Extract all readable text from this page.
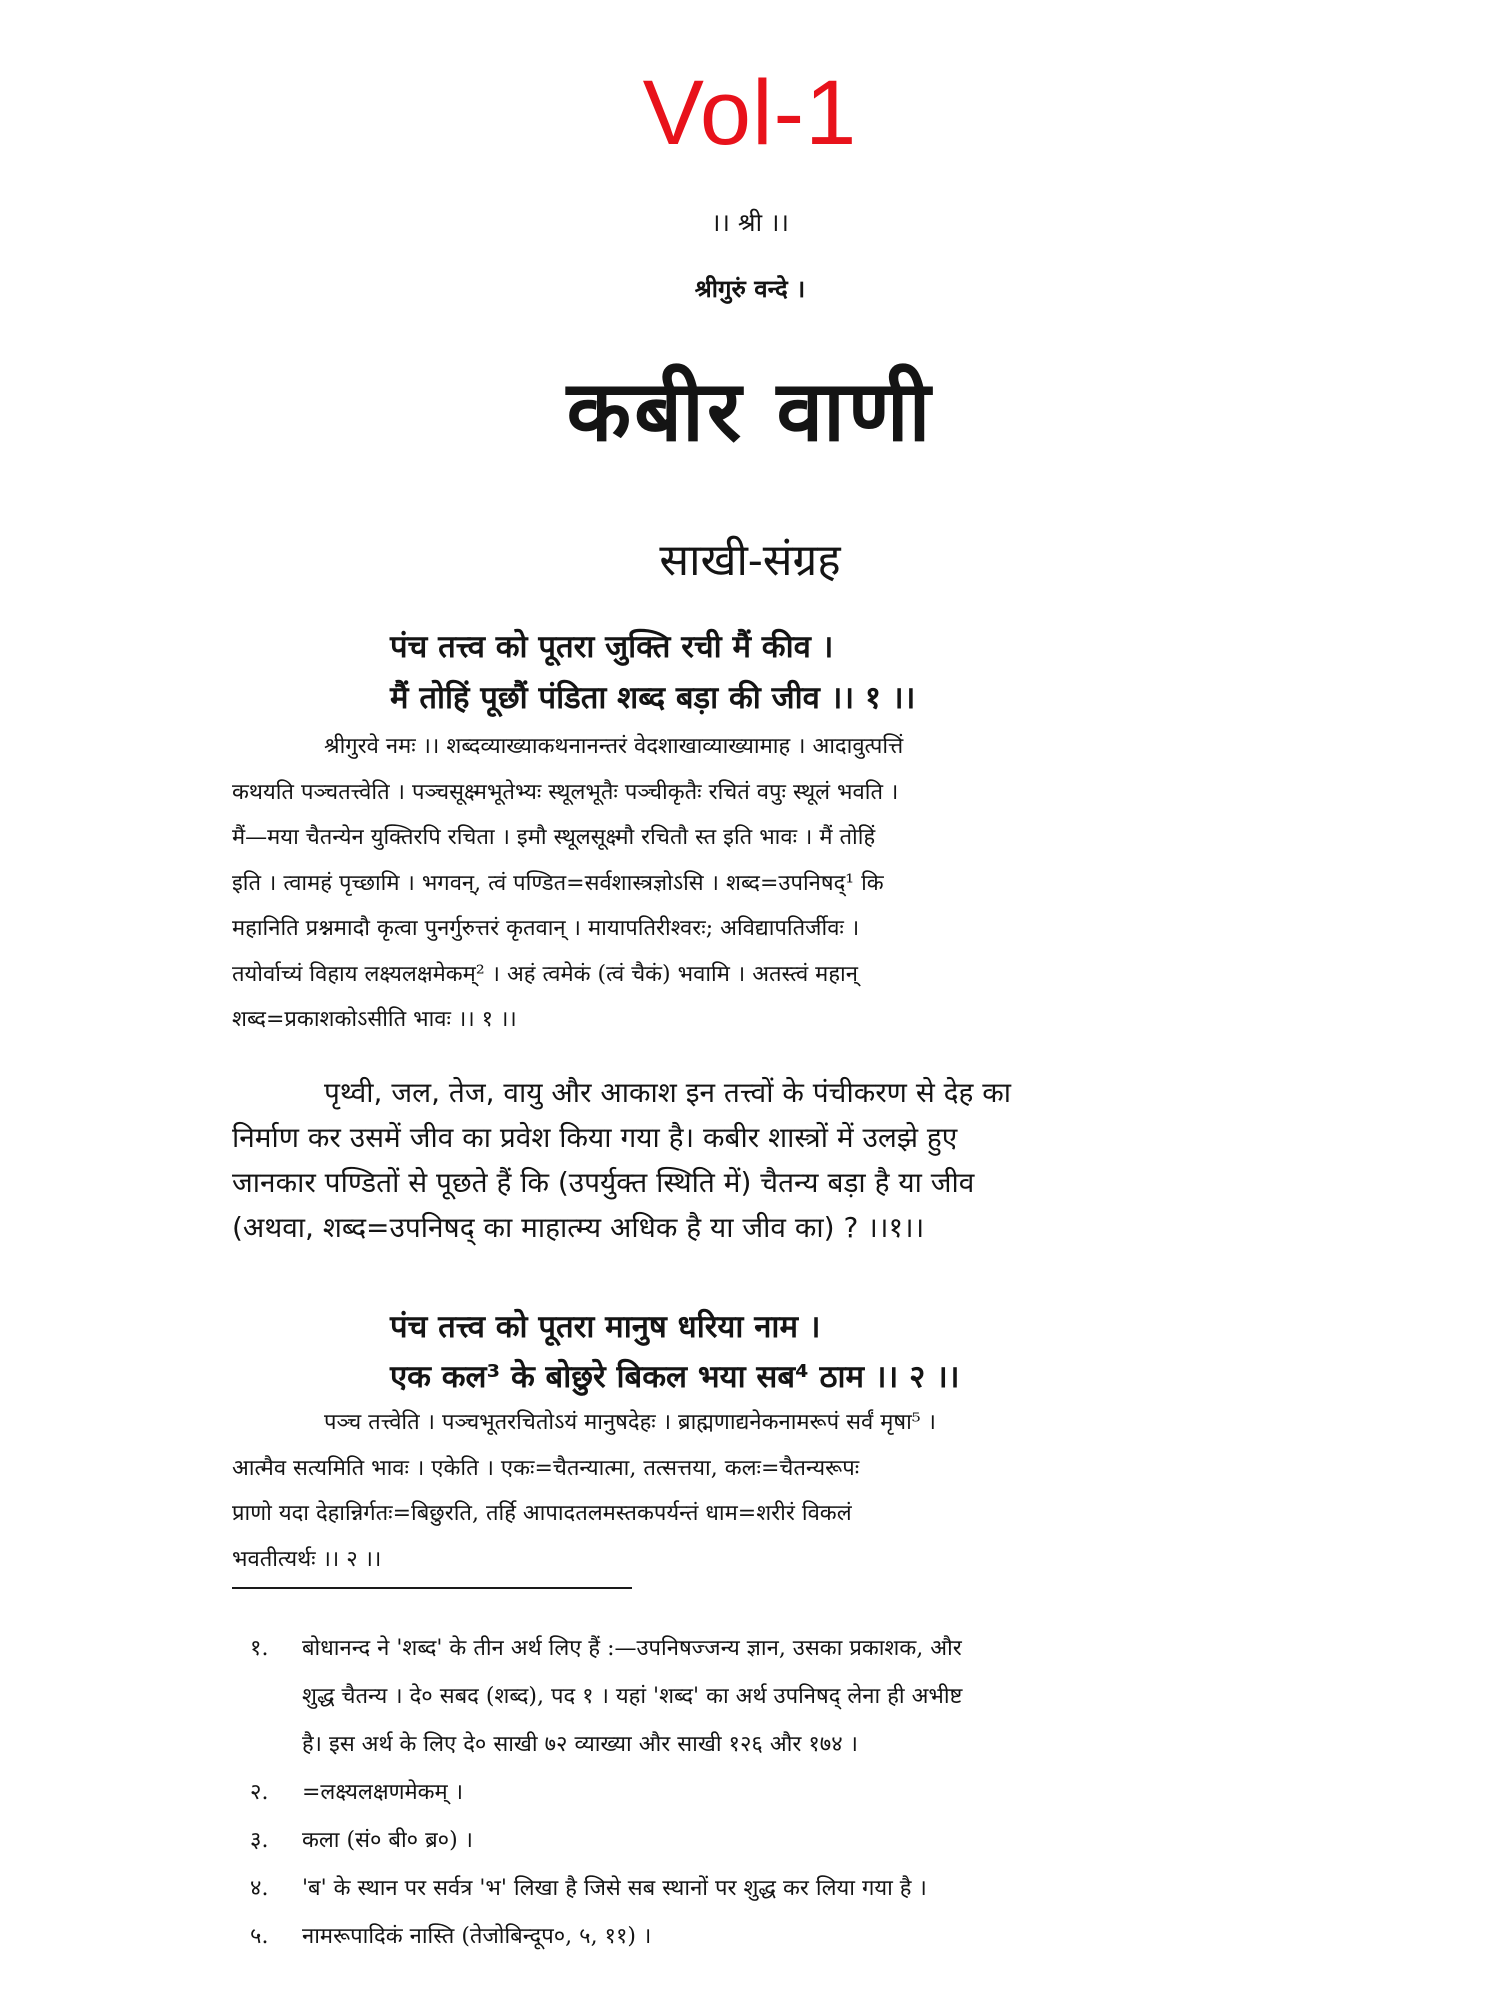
Vol-1
।। श्री ।।
श्रीगुरुं वन्दे ।
कबीर वाणी
साखी-संग्रह
पंच तत्त्व को पूतरा जुक्ति रची मैं कीव ।
मैं तोहिं पूछौं पंडिता शब्द बड़ा की जीव ।। १ ।।
श्रीगुरवे नमः ।। शब्दव्याख्याकथनानन्तरं वेदशाखाव्याख्यामाह । आदावुत्पत्तिं
कथयति पञ्चतत्त्वेति । पञ्चसूक्ष्मभूतेभ्यः स्थूलभूतैः पञ्चीकृतैः रचितं वपुः स्थूलं भवति ।
मैं—मया चैतन्येन युक्तिरपि रचिता । इमौ स्थूलसूक्ष्मौ रचितौ स्त इति भावः । मैं तोहिं
इति । त्वामहं पृच्छामि । भगवन्, त्वं पण्डित=सर्वशास्त्रज्ञोऽसि । शब्द=उपनिषद्¹ कि
महानिति प्रश्नमादौ कृत्वा पुनर्गुरुत्तरं कृतवान् । मायापतिरीश्वरः; अविद्यापतिर्जीवः ।
तयोर्वाच्यं विहाय लक्ष्यलक्षमेकम्² । अहं त्वमेकं (त्वं चैकं) भवामि । अतस्त्वं महान्
शब्द=प्रकाशकोऽसीति भावः ।। १ ।।
पृथ्वी, जल, तेज, वायु और आकाश इन तत्त्वों के पंचीकरण से देह का
निर्माण कर उसमें जीव का प्रवेश किया गया है। कबीर शास्त्रों में उलझे हुए
जानकार पण्डितों से पूछते हैं कि (उपर्युक्त स्थिति में) चैतन्य बड़ा है या जीव
(अथवा, शब्द=उपनिषद् का माहात्म्य अधिक है या जीव का) ? ।।१।।
पंच तत्त्व को पूतरा मानुष धरिया नाम ।
एक कल³ के बोछुरे बिकल भया सब⁴ ठाम ।। २ ।।
पञ्च तत्त्वेति । पञ्चभूतरचितोऽयं मानुषदेहः । ब्राह्मणाद्यनेकनामरूपं सर्वं मृषा⁵ ।
आत्मैव सत्यमिति भावः । एकेति । एकः=चैतन्यात्मा, तत्सत्तया, कलः=चैतन्यरूपः
प्राणो यदा देहान्निर्गतः=बिछुरति, तर्हि आपादतलमस्तकपर्यन्तं धाम=शरीरं विकलं
भवतीत्यर्थः ।। २ ।।
१. बोधानन्द ने 'शब्द' के तीन अर्थ लिए हैं :—उपनिषज्जन्य ज्ञान, उसका प्रकाशक, और
शुद्ध चैतन्य । दे० सबद (शब्द), पद १ । यहां 'शब्द' का अर्थ उपनिषद् लेना ही अभीष्ट
है। इस अर्थ के लिए दे० साखी ७२ व्याख्या और साखी १२६ और १७४ ।
२. =लक्ष्यलक्षणमेकम् ।
३. कला (सं० बी० ब्र०) ।
४. 'ब' के स्थान पर सर्वत्र 'भ' लिखा है जिसे सब स्थानों पर शुद्ध कर लिया गया है ।
५. नामरूपादिकं नास्ति (तेजोबिन्दूप०, ५, ११) ।
